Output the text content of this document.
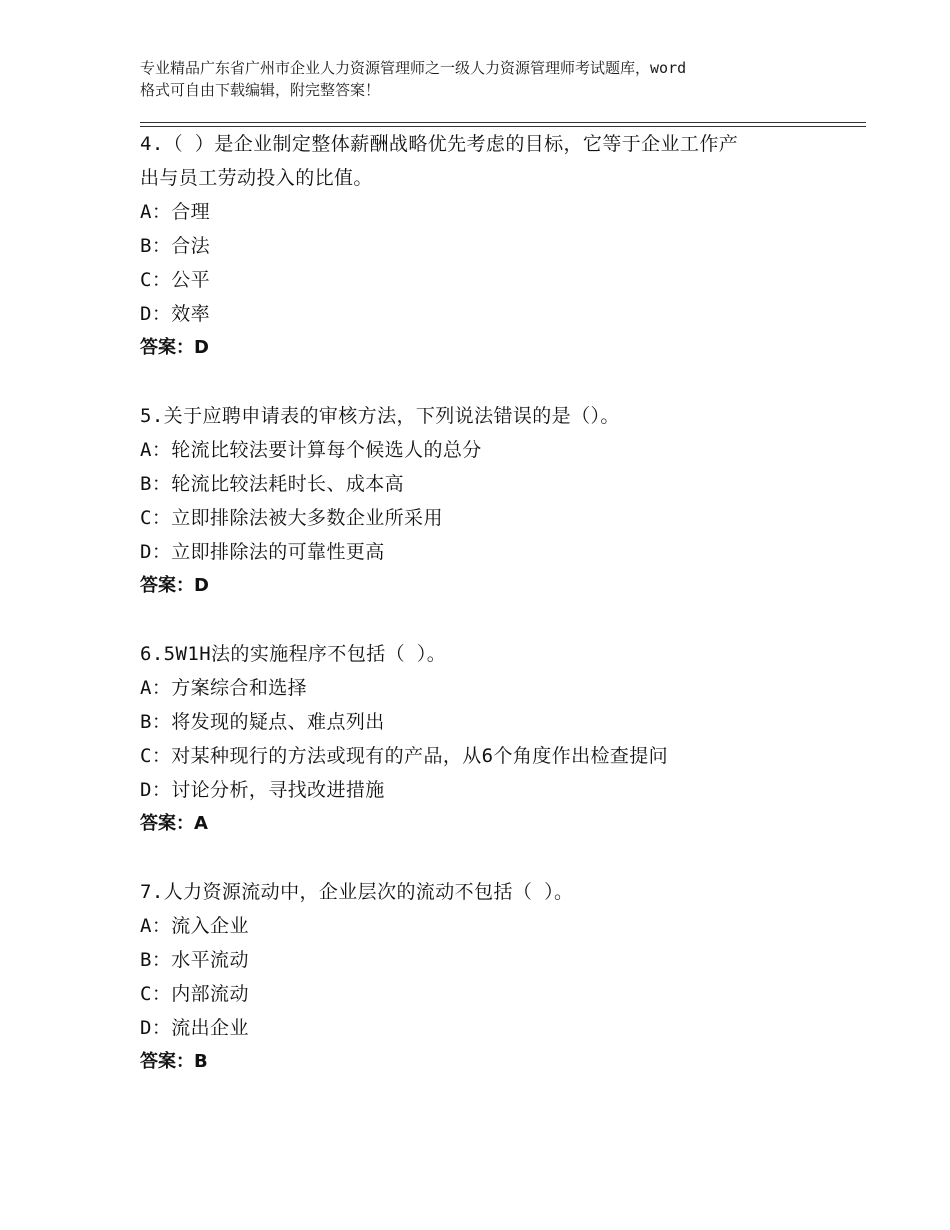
专业精品广东省广州市企业人力资源管理师之一级人力资源管理师考试题库，word
格式可自由下载编辑，附完整答案！
4.（ ）是企业制定整体薪酬战略优先考虑的目标，它等于企业工作产
出与员工劳动投入的比值。
A：合理
B：合法
C：公平
D：效率
答案：D
5.关于应聘申请表的审核方法，下列说法错误的是（）。
A：轮流比较法要计算每个候选人的总分
B：轮流比较法耗时长、成本高
C：立即排除法被大多数企业所采用
D：立即排除法的可靠性更高
答案：D
6.5W1H法的实施程序不包括（ ）。
A：方案综合和选择
B：将发现的疑点、难点列出
C：对某种现行的方法或现有的产品，从6个角度作出检查提问
D：讨论分析，寻找改进措施
答案：A
7.人力资源流动中，企业层次的流动不包括（ ）。
A：流入企业
B：水平流动
C：内部流动
D：流出企业
答案：B
